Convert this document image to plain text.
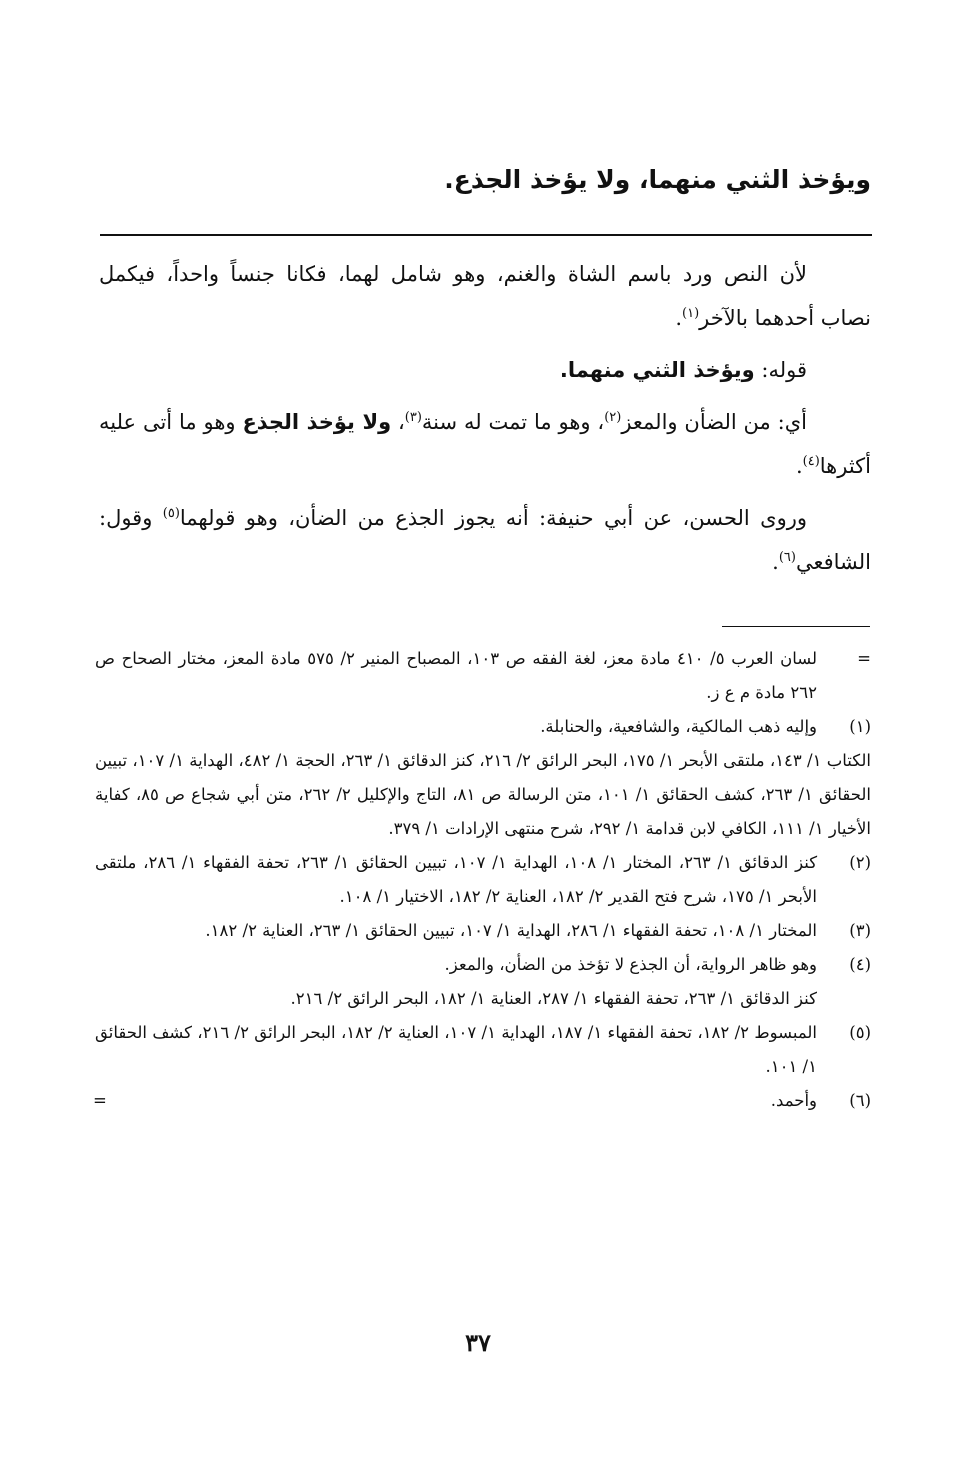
ويؤخذ الثني منهما، ولا يؤخذ الجذع.

لأن النص ورد باسم الشاة والغنم، وهو شامل لهما، فكانا جنساً واحداً، فيكمل نصاب أحدهما بالآخر$^{(١)}$.

قوله: ويؤخذ الثني منهما.

أي: من الضأن والمعز$^{(٢)}$، وهو ما تمت له سنة$^{(٣)}$، ولا يؤخذ الجذع وهو ما أتى عليه أكثرها$^{(٤)}$.

وروى الحسن، عن أبي حنيفة: أنه يجوز الجذع من الضأن، وهو قولهما$^{(٥)}$ وقول: الشافعي$^{(٦)}$.

=
لسان العرب ٥/ ٤١٠ مادة معز، لغة الفقه ص ١٠٣، المصباح المنير ٢/ ٥٧٥ مادة المعز، مختار الصحاح ص ٢٦٢ مادة م ع ز.
(١)
وإليه ذهب المالكية، والشافعية، والحنابلة.
الكتاب ١/ ١٤٣، ملتقى الأبحر ١/ ١٧٥، البحر الرائق ٢/ ٢١٦، كنز الدقائق ١/ ٢٦٣، الحجة ١/ ٤٨٢، الهداية ١/ ١٠٧، تبيين الحقائق ١/ ٢٦٣، كشف الحقائق ١/ ١٠١، متن الرسالة ص ٨١، التاج والإكليل ٢/ ٢٦٢، متن أبي شجاع ص ٨٥، كفاية الأخيار ١/ ١١١، الكافي لابن قدامة ١/ ٢٩٢، شرح منتهى الإرادات ١/ ٣٧٩.
(٢)
كنز الدقائق ١/ ٢٦٣، المختار ١/ ١٠٨، الهداية ١/ ١٠٧، تبيين الحقائق ١/ ٢٦٣، تحفة الفقهاء ١/ ٢٨٦، ملتقى الأبحر ١/ ١٧٥، شرح فتح القدير ٢/ ١٨٢، العناية ٢/ ١٨٢، الاختيار ١/ ١٠٨.
(٣)
المختار ١/ ١٠٨، تحفة الفقهاء ١/ ٢٨٦، الهداية ١/ ١٠٧، تبيين الحقائق ١/ ٢٦٣، العناية ٢/ ١٨٢.
(٤)
وهو ظاهر الرواية، أن الجذع لا تؤخذ من الضأن، والمعز.
كنز الدقائق ١/ ٢٦٣، تحفة الفقهاء ١/ ٢٨٧، العناية ١/ ١٨٢، البحر الرائق ٢/ ٢١٦.
(٥)
المبسوط ٢/ ١٨٢، تحفة الفقهاء ١/ ١٨٧، الهداية ١/ ١٠٧، العناية ٢/ ١٨٢، البحر الرائق ٢/ ٢١٦، كشف الحقائق ١/ ١٠١.
(٦)
وأحمد.
=
٣٧
